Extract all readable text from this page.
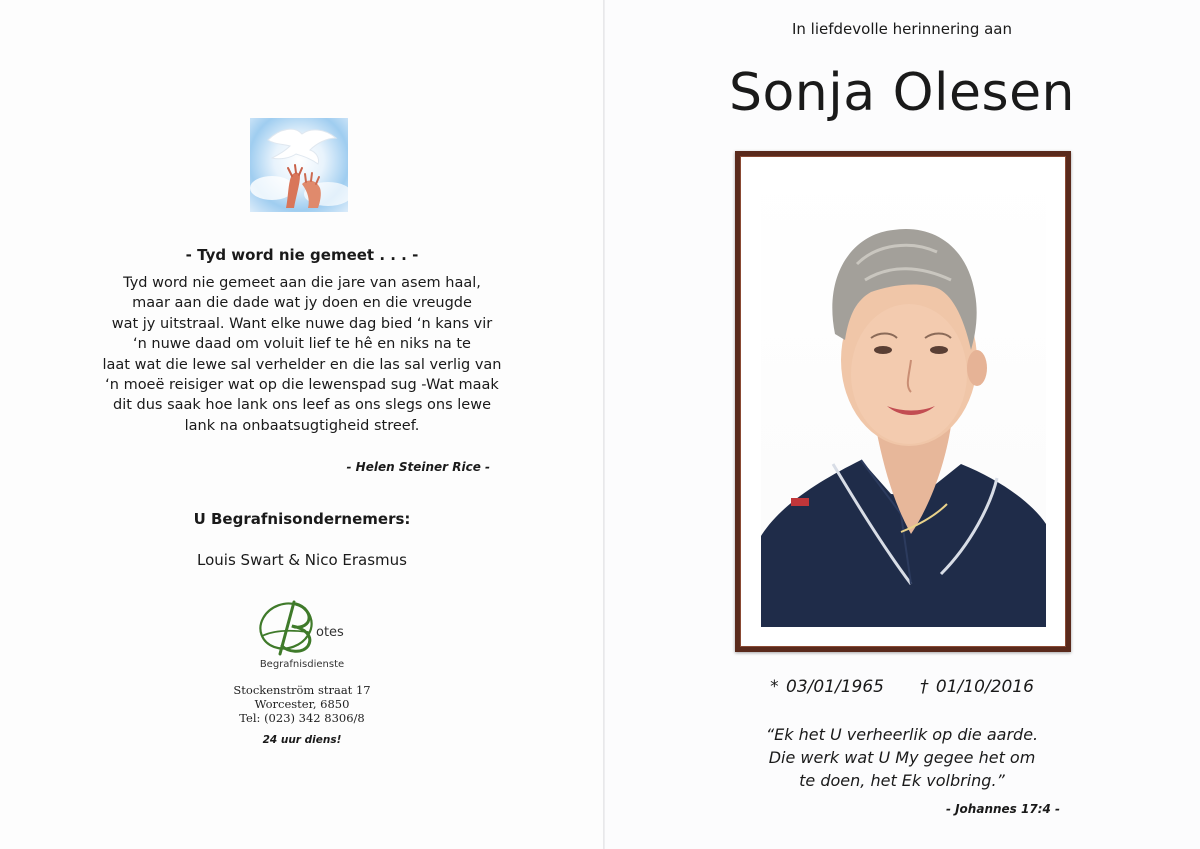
- Tyd word nie gemeet . . . -
Tyd word nie gemeet aan die jare van asem haal,
maar aan die dade wat jy doen en die vreugde
wat jy uitstraal. Want elke nuwe dag bied ‘n kans vir
‘n nuwe daad om voluit lief te hê en niks na te
laat wat die lewe sal verhelder en die las sal verlig van
‘n moeë reisiger wat op die lewenspad sug -Wat maak
dit dus saak hoe lank ons leef as ons slegs ons lewe
lank na onbaatsugtigheid streef.
- Helen Steiner Rice -
U Begrafnisondernemers:
Louis Swart & Nico Erasmus
otes
Begrafnisdienste
Stockenström straat 17
Worcester, 6850
Tel: (023) 342 8306/8
24 uur diens!
In liefdevolle herinnering aan
Sonja Olesen
* 03/01/1965 † 01/10/2016
“Ek het U verheerlik op die aarde.
Die werk wat U My gegee het om
te doen, het Ek volbring.”
- Johannes 17:4 -
